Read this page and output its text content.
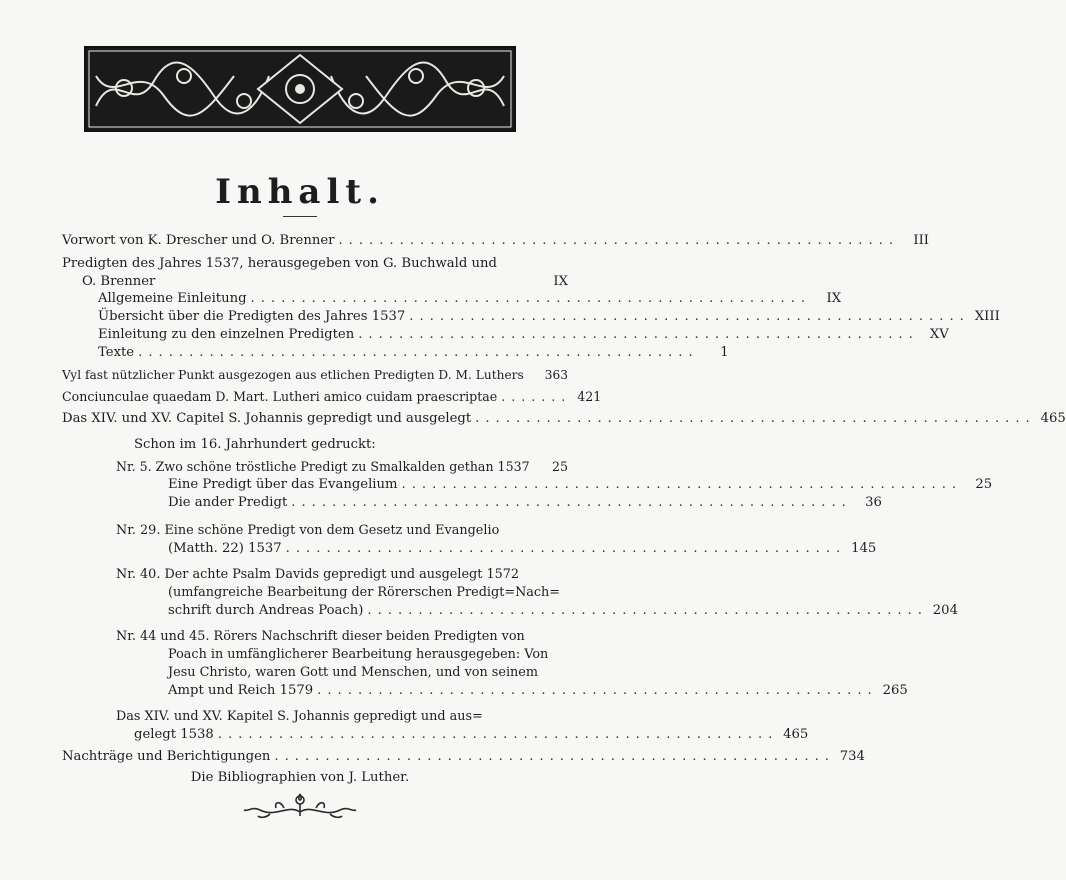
Inhalt.
Vorwort von K. Drescher und O. Brenner .......................................................	III
Predigten des Jahres 1537, herausgegeben von G. Buchwald und
O. Brenner	IX
Allgemeine Einleitung .......................................................	IX
Übersicht über die Predigten des Jahres 1537 ....................................................... XIII
Einleitung zu den einzelnen Predigten ....................................................... XV
Texte .......................................................	1
Vyl fast nützlicher Punkt ausgezogen aus etlichen Predigten D. M. Luthers 363
Conciunculae quaedam D. Mart. Lutheri amico cuidam praescriptae ....... 421
Das XIV. und XV. Capitel S. Johannis gepredigt und ausgelegt ....................................................... 465
Schon im 16. Jahrhundert gedruckt:
Nr. 5. Zwo schöne tröstliche Predigt zu Smalkalden gethan 1537	25
Eine Predigt über das Evangelium .......................................................	25
Die ander Predigt .......................................................	36
Nr. 29. Eine schöne Predigt von dem Gesetz und Evangelio
(Matth. 22) 1537 ....................................................... 145
Nr. 40. Der achte Psalm Davids gepredigt und ausgelegt 1572
(umfangreiche Bearbeitung der Rörerschen Predigt=Nach=
schrift durch Andreas Poach) ....................................................... 204
Nr. 44 und 45. Rörers Nachschrift dieser beiden Predigten von
Poach in umfänglicherer Bearbeitung herausgegeben: Von
Jesu Christo, waren Gott und Menschen, und von seinem
Ampt und Reich 1579 ....................................................... 265
Das XIV. und XV. Kapitel S. Johannis gepredigt und aus=
gelegt 1538 ....................................................... 465
Nachträge und Berichtigungen ....................................................... 734
Die Bibliographien von J. Luther.
